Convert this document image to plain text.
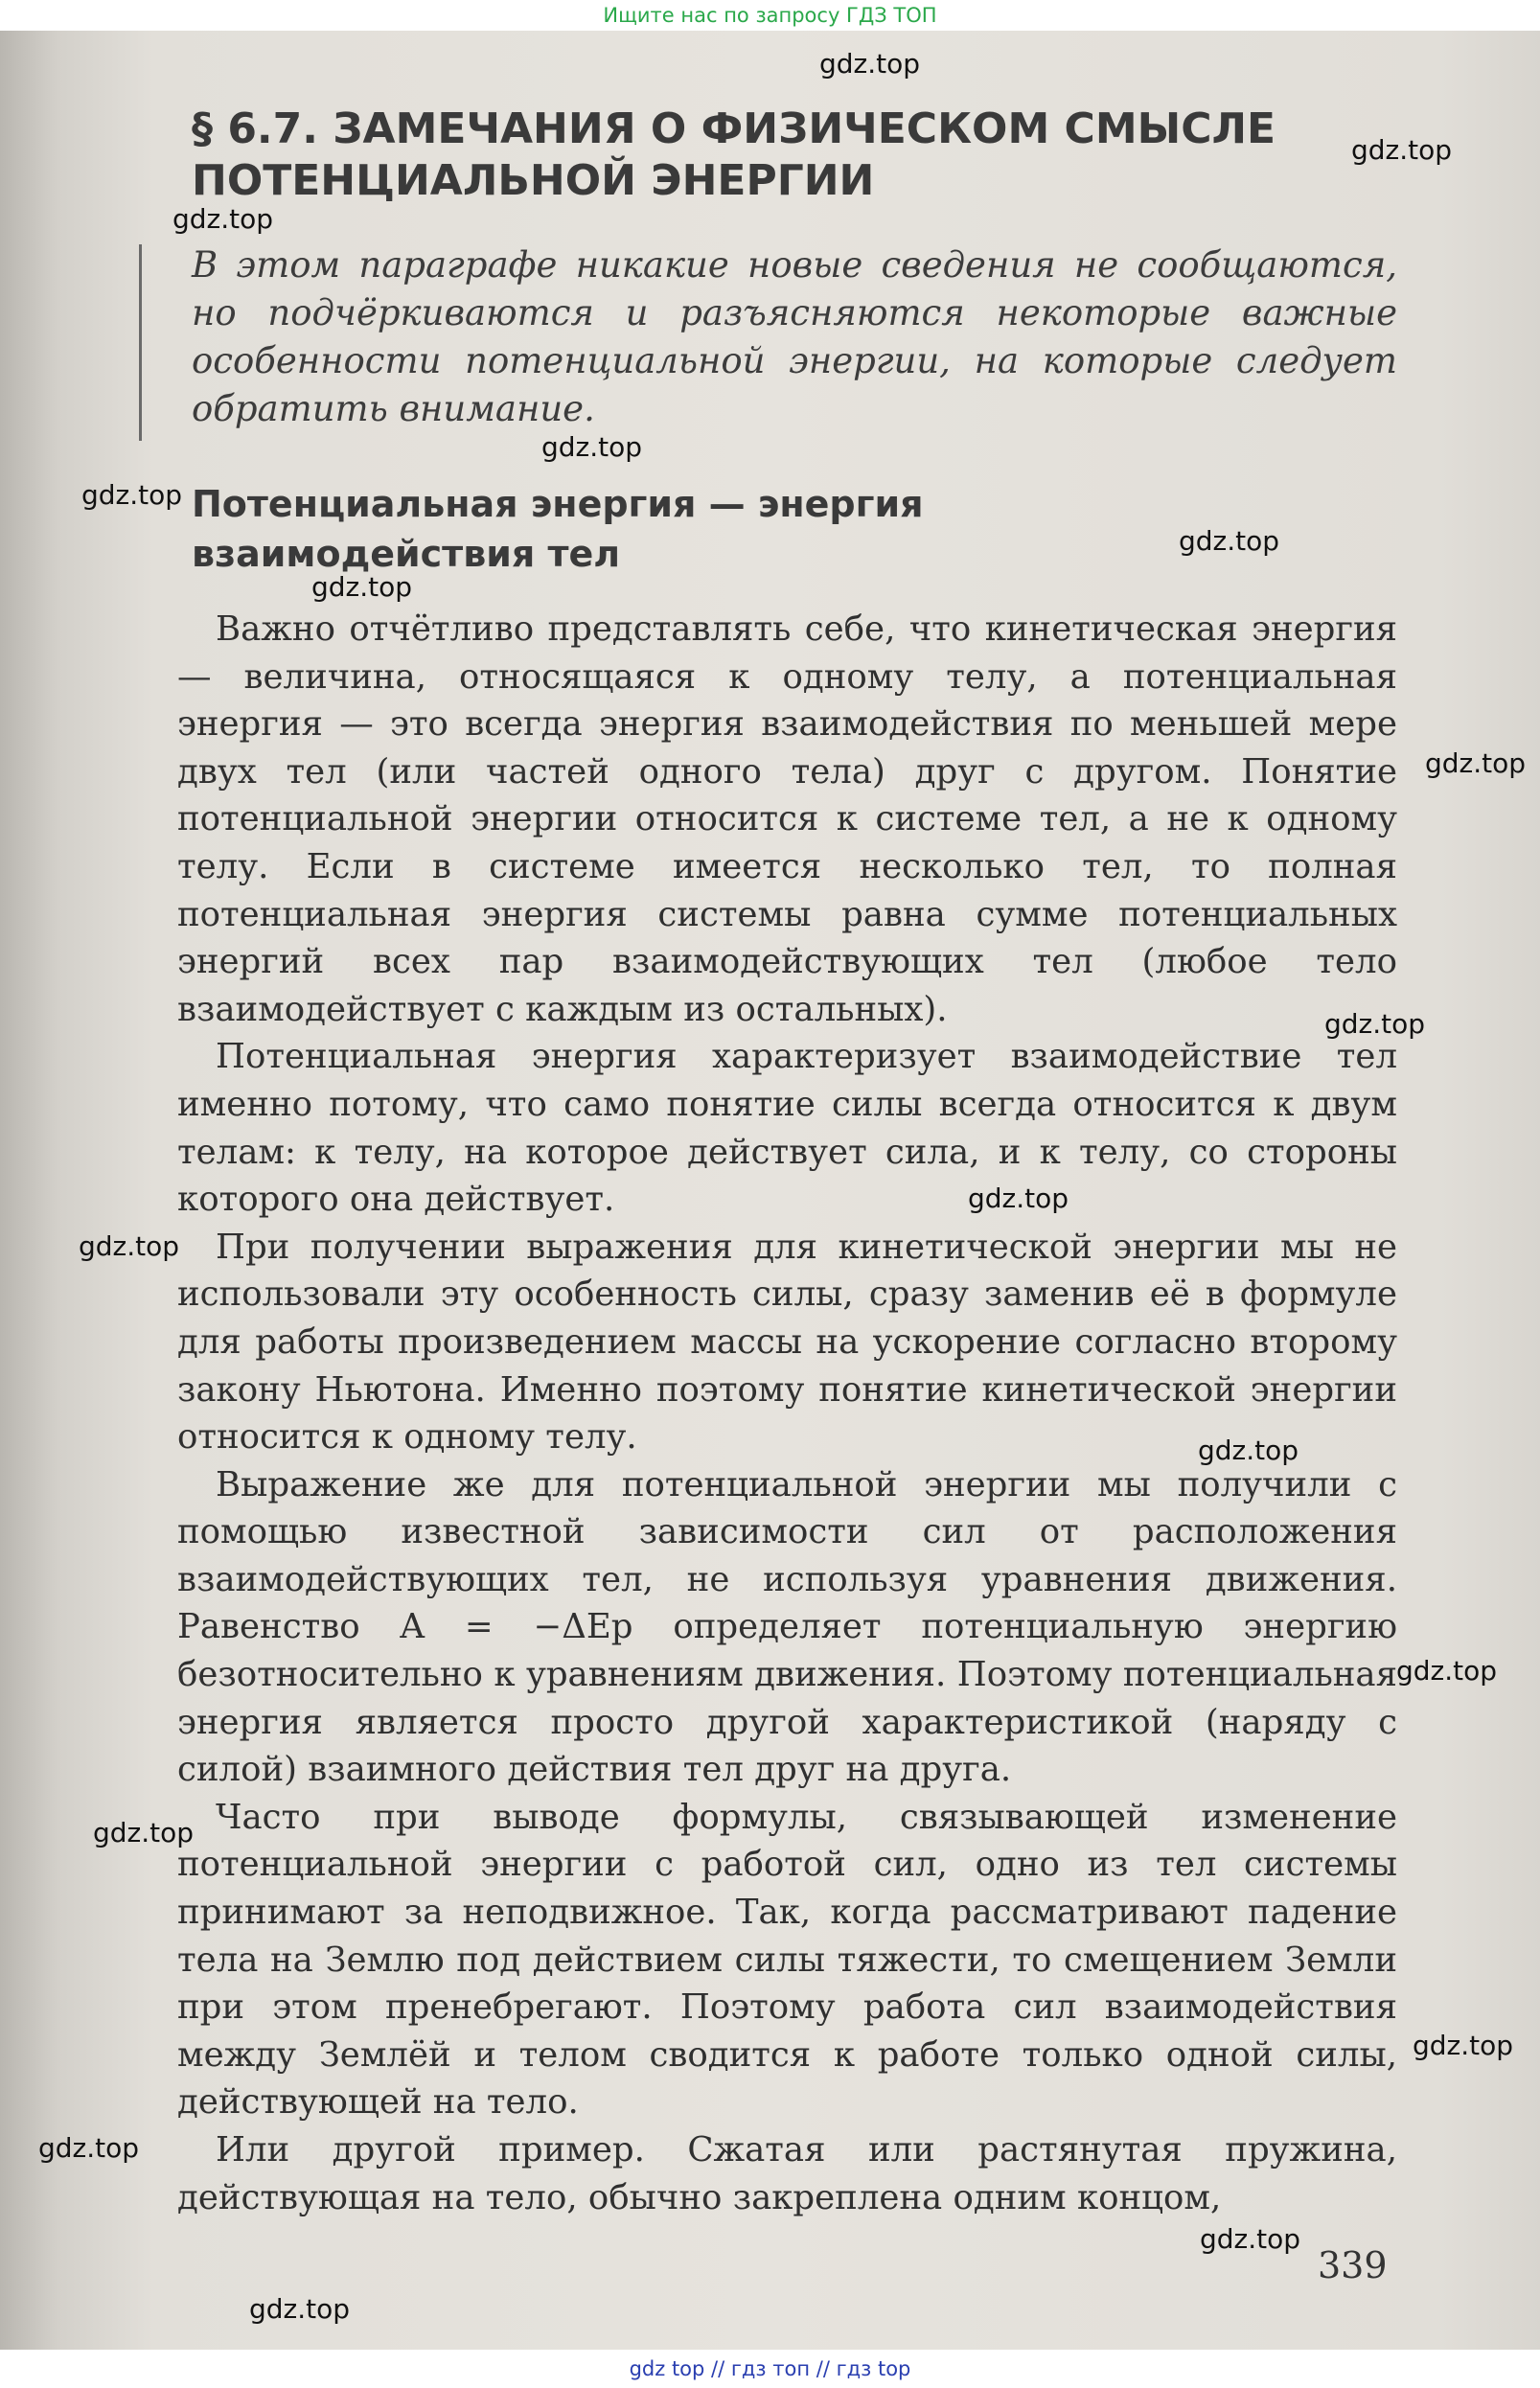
Ищите нас по запросу ГДЗ ТОП
§ 6.7. ЗАМЕЧАНИЯ О ФИЗИЧЕСКОМ СМЫСЛЕ ПОТЕНЦИАЛЬНОЙ ЭНЕРГИИ

В этом параграфе никакие новые сведения не сообщаются, но подчёркиваются и разъясняются некоторые важные особенности потенциальной энергии, на которые следует обратить внимание.

Потенциальная энергия — энергия взаимодействия тел

Важно отчётливо представлять себе, что кинетическая энергия — величина, относящаяся к одному телу, а потенциальная энергия — это всегда энергия взаимодействия по меньшей мере двух тел (или частей одного тела) друг с другом. Понятие потенциальной энергии относится к системе тел, а не к одному телу. Если в системе имеется несколько тел, то полная потенциальная энергия системы равна сумме потенциальных энергий всех пар взаимодействующих тел (любое тело взаимодействует с каждым из остальных).

Потенциальная энергия характеризует взаимодействие тел именно потому, что само понятие силы всегда относится к двум телам: к телу, на которое действует сила, и к телу, со стороны которого она действует.

При получении выражения для кинетической энергии мы не использовали эту особенность силы, сразу заменив её в формуле для работы произведением массы на ускорение согласно второму закону Ньютона. Именно поэтому понятие кинетической энергии относится к одному телу.

Выражение же для потенциальной энергии мы получили с помощью известной зависимости сил от расположения взаимодействующих тел, не используя уравнения движения. Равенство A = −ΔEp определяет потенциальную энергию безотносительно к уравнениям движения. Поэтому потенциальная энергия является просто другой характеристикой (наряду с силой) взаимного действия тел друг на друга.

Часто при выводе формулы, связывающей изменение потенциальной энергии с работой сил, одно из тел системы принимают за неподвижное. Так, когда рассматривают падение тела на Землю под действием силы тяжести, то смещением Земли при этом пренебрегают. Поэтому работа сил взаимодействия между Землёй и телом сводится к работе только одной силы, действующей на тело.

Или другой пример. Сжатая или растянутая пружина, действующая на тело, обычно закреплена одним концом,

339
gdz.top
gdz.top
gdz.top
gdz.top
gdz.top
gdz.top
gdz.top
gdz.top
gdz.top
gdz.top
gdz.top
gdz.top
gdz.top
gdz.top
gdz.top
gdz.top
gdz.top
gdz.top
gdz top // гдз топ // гдз top
